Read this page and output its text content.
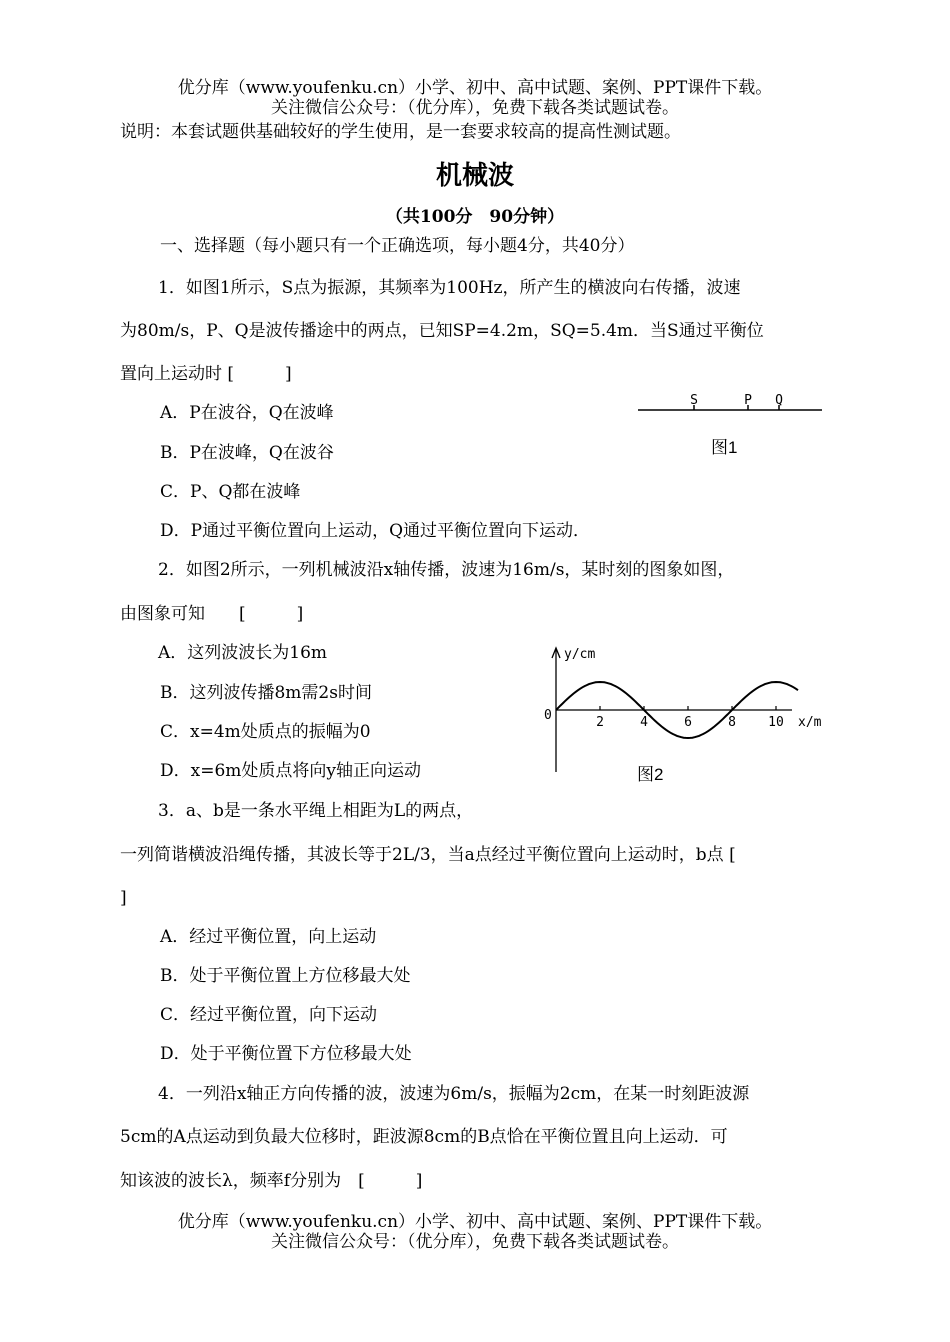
优分库（www.youfenku.cn）小学、初中、高中试题、案例、PPT课件下载。
关注微信公众号：（优分库），免费下载各类试题试卷。
说明：本套试题供基础较好的学生使用，是一套要求较高的提高性测试题。
机械波
（共100分　90分钟）
一、选择题（每小题只有一个正确选项，每小题4分，共40分）
1．如图1所示，S点为振源，其频率为100Hz，所产生的横波向右传播，波速
为80m/s，P、Q是波传播途中的两点，已知SP=4.2m，SQ=5.4m．当S通过平衡位
置向上运动时 [　　　]
A．P在波谷，Q在波峰
B．P在波峰，Q在波谷
C．P、Q都在波峰
D．P通过平衡位置向上运动，Q通过平衡位置向下运动．
S	P Q
图1
2．如图2所示，一列机械波沿x轴传播，波速为16m/s，某时刻的图象如图，
由图象可知　　[　　　]
A．这列波波长为16m
B．这列波传播8m需2s时间
C．x=4m处质点的振幅为0
D．x=6m处质点将向y轴正向运动
y/cm
x/m
0	2	4	6	8 10
图2
3．a、b是一条水平绳上相距为L的两点，
一列简谐横波沿绳传播，其波长等于2L/3，当a点经过平衡位置向上运动时，b点 [
]
A．经过平衡位置，向上运动
B．处于平衡位置上方位移最大处
C．经过平衡位置，向下运动
D．处于平衡位置下方位移最大处
4．一列沿x轴正方向传播的波，波速为6m/s，振幅为2cm，在某一时刻距波源
5cm的A点运动到负最大位移时，距波源8cm的B点恰在平衡位置且向上运动．可
知该波的波长λ，频率f分别为　[　　　]
优分库（www.youfenku.cn）小学、初中、高中试题、案例、PPT课件下载。
关注微信公众号：（优分库），免费下载各类试题试卷。
